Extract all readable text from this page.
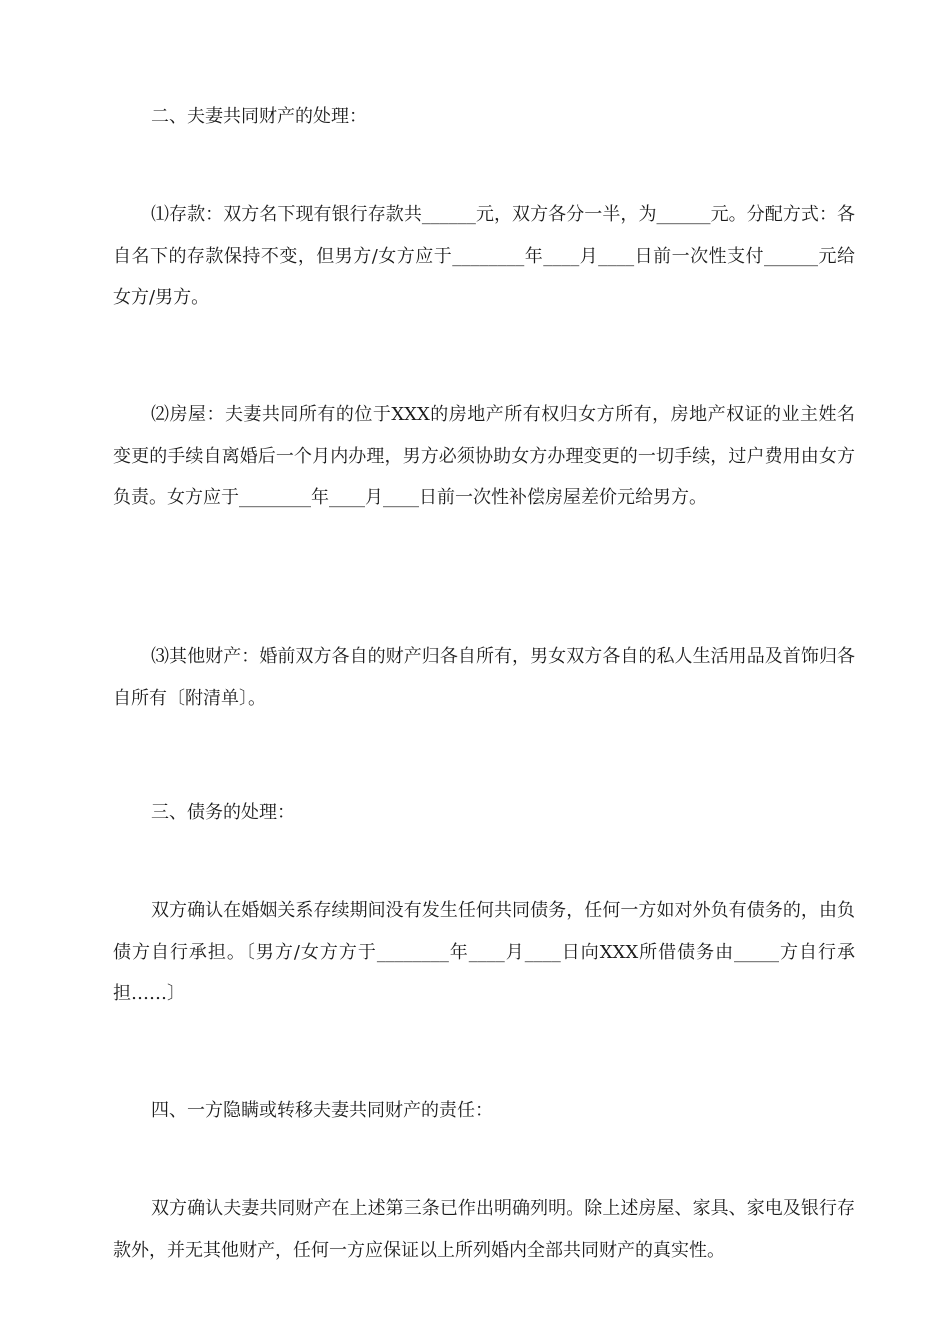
二、夫妻共同财产的处理：

⑴存款：双方名下现有银行存款共______元，双方各分一半，为______元。分配方式：各自名下的存款保持不变，但男方/女方应于________年____月____日前一次性支付______元给女方/男方。

⑵房屋：夫妻共同所有的位于XXX的房地产所有权归女方所有，房地产权证的业主姓名变更的手续自离婚后一个月内办理，男方必须协助女方办理变更的一切手续，过户费用由女方负责。女方应于________年____月____日前一次性补偿房屋差价元给男方。

⑶其他财产：婚前双方各自的财产归各自所有，男女双方各自的私人生活用品及首饰归各自所有〔附清单〕。

三、债务的处理：

双方确认在婚姻关系存续期间没有发生任何共同债务，任何一方如对外负有债务的，由负债方自行承担。〔男方/女方方于________年____月____日向XXX所借债务由_____方自行承担……〕

四、一方隐瞒或转移夫妻共同财产的责任：

双方确认夫妻共同财产在上述第三条已作出明确列明。除上述房屋、家具、家电及银行存款外，并无其他财产，任何一方应保证以上所列婚内全部共同财产的真实性。
